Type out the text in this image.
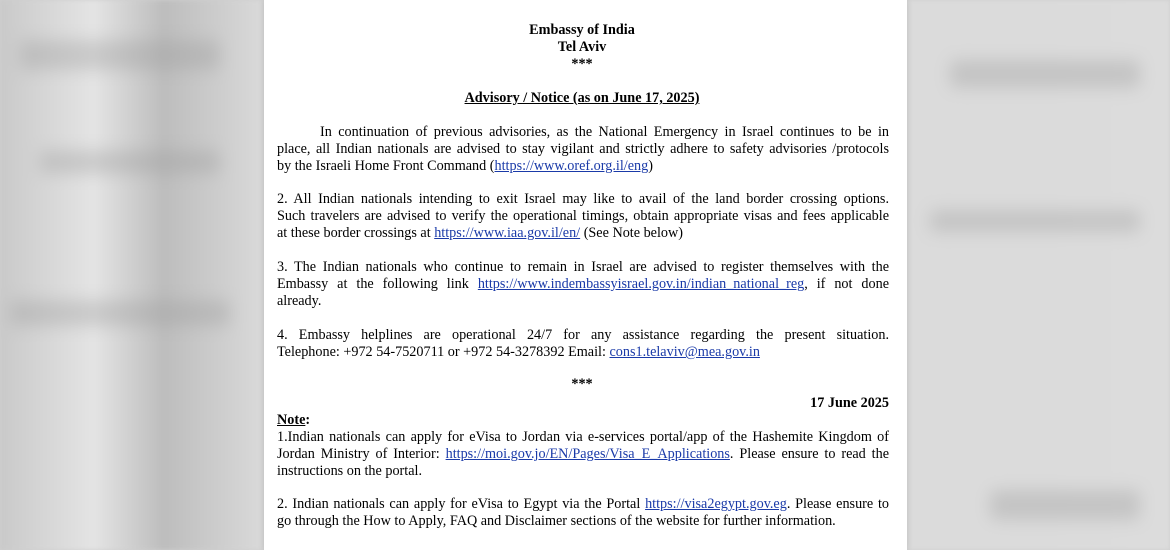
Embassy of India
Tel Aviv
***
Advisory / Notice (as on June 17, 2025)
In continuation of previous advisories, as the National Emergency in Israel continues to be in
place, all Indian nationals are advised to stay vigilant and strictly adhere to safety advisories /protocols
by the Israeli Home Front Command (https://www.oref.org.il/eng)
2. All Indian nationals intending to exit Israel may like to avail of the land border crossing options.
Such travelers are advised to verify the operational timings, obtain appropriate visas and fees applicable
at these border crossings at https://www.iaa.gov.il/en/ (See Note below)
3. The Indian nationals who continue to remain in Israel are advised to register themselves with the
Embassy at the following link https://www.indembassyisrael.gov.in/indian_national_reg, if not done
already.
4. Embassy helplines are operational 24/7 for any assistance regarding the present situation.
Telephone: +972 54-7520711 or +972 54-3278392 Email: cons1.telaviv@mea.gov.in
***
17 June 2025
Note:
1.Indian nationals can apply for eVisa to Jordan via e-services portal/app of the Hashemite Kingdom of
Jordan Ministry of Interior: https://moi.gov.jo/EN/Pages/Visa_E_Applications. Please ensure to read the
instructions on the portal.
2. Indian nationals can apply for eVisa to Egypt via the Portal https://visa2egypt.gov.eg. Please ensure to
go through the How to Apply, FAQ and Disclaimer sections of the website for further information.
